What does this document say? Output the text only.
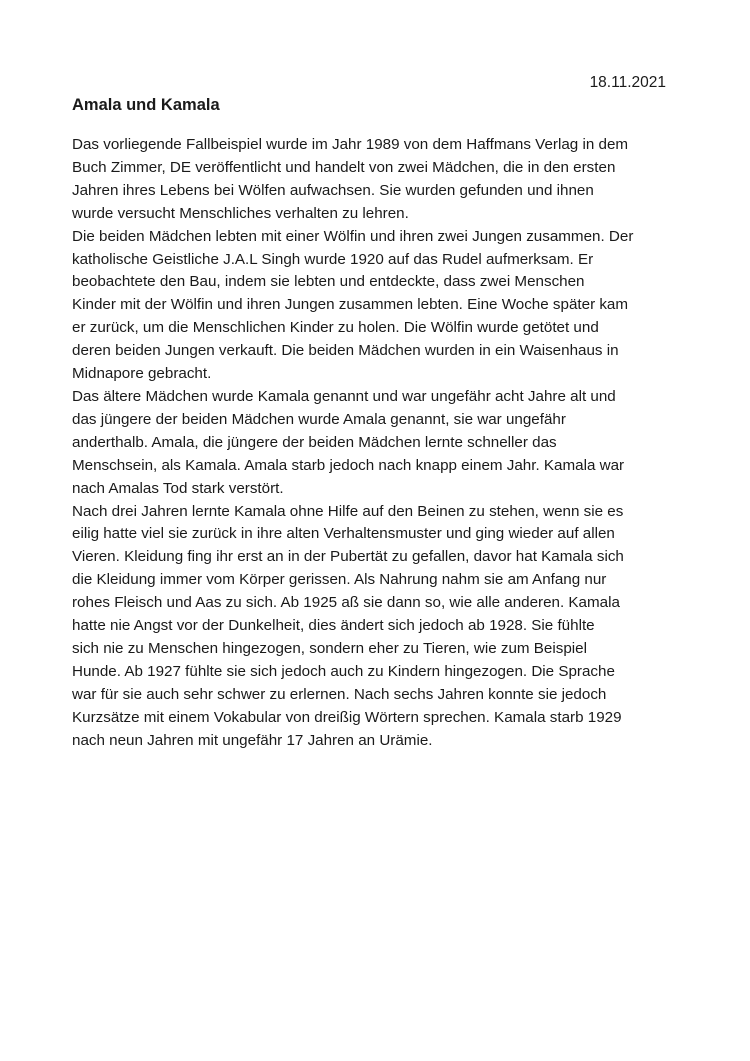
18.11.2021
Amala und Kamala

Das vorliegende Fallbeispiel wurde im Jahr 1989 von dem Haffmans Verlag in dem
Buch Zimmer, DE veröffentlicht und handelt von zwei Mädchen, die in den ersten
Jahren ihres Lebens bei Wölfen aufwachsen. Sie wurden gefunden und ihnen
wurde versucht Menschliches verhalten zu lehren.

Die beiden Mädchen lebten mit einer Wölfin und ihren zwei Jungen zusammen. Der
katholische Geistliche J.A.L Singh wurde 1920 auf das Rudel aufmerksam. Er
beobachtete den Bau, indem sie lebten und entdeckte, dass zwei Menschen
Kinder mit der Wölfin und ihren Jungen zusammen lebten. Eine Woche später kam
er zurück, um die Menschlichen Kinder zu holen. Die Wölfin wurde getötet und
deren beiden Jungen verkauft. Die beiden Mädchen wurden in ein Waisenhaus in
Midnapore gebracht.

Das ältere Mädchen wurde Kamala genannt und war ungefähr acht Jahre alt und
das jüngere der beiden Mädchen wurde Amala genannt, sie war ungefähr
anderthalb. Amala, die jüngere der beiden Mädchen lernte schneller das
Menschsein, als Kamala. Amala starb jedoch nach knapp einem Jahr. Kamala war
nach Amalas Tod stark verstört.

Nach drei Jahren lernte Kamala ohne Hilfe auf den Beinen zu stehen, wenn sie es
eilig hatte viel sie zurück in ihre alten Verhaltensmuster und ging wieder auf allen
Vieren. Kleidung fing ihr erst an in der Pubertät zu gefallen, davor hat Kamala sich
die Kleidung immer vom Körper gerissen. Als Nahrung nahm sie am Anfang nur
rohes Fleisch und Aas zu sich. Ab 1925 aß sie dann so, wie alle anderen. Kamala
hatte nie Angst vor der Dunkelheit, dies ändert sich jedoch ab 1928. Sie fühlte
sich nie zu Menschen hingezogen, sondern eher zu Tieren, wie zum Beispiel
Hunde. Ab 1927 fühlte sie sich jedoch auch zu Kindern hingezogen. Die Sprache
war für sie auch sehr schwer zu erlernen. Nach sechs Jahren konnte sie jedoch
Kurzsätze mit einem Vokabular von dreißig Wörtern sprechen. Kamala starb 1929
nach neun Jahren mit ungefähr 17 Jahren an Urämie.
